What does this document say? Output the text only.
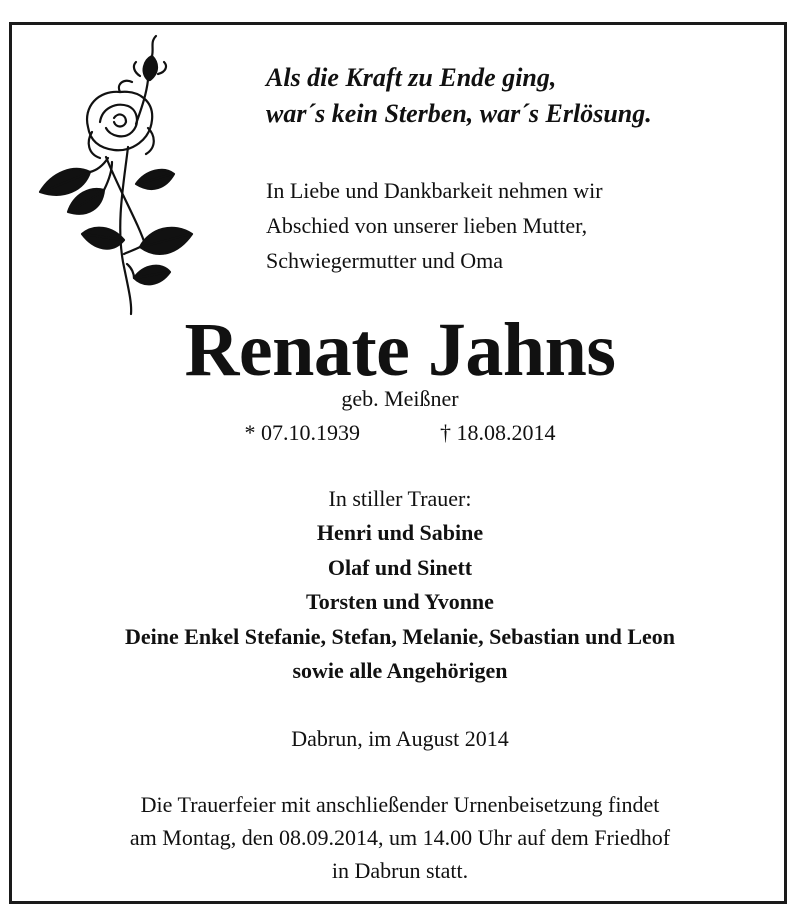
Als die Kraft zu Ende ging,
war´s kein Sterben, war´s Erlösung.
In Liebe und Dankbarkeit nehmen wir
Abschied von unserer lieben Mutter,
Schwiegermutter und Oma
Renate Jahns
geb. Meißner
* 07.10.1939	† 18.08.2014
In stiller Trauer:
Henri und Sabine
Olaf und Sinett
Torsten und Yvonne
Deine Enkel Stefanie, Stefan, Melanie, Sebastian und Leon
sowie alle Angehörigen
Dabrun, im August 2014
Die Trauerfeier mit anschließender Urnenbeisetzung findet
am Montag, den 08.09.2014, um 14.00 Uhr auf dem Friedhof
in Dabrun statt.
